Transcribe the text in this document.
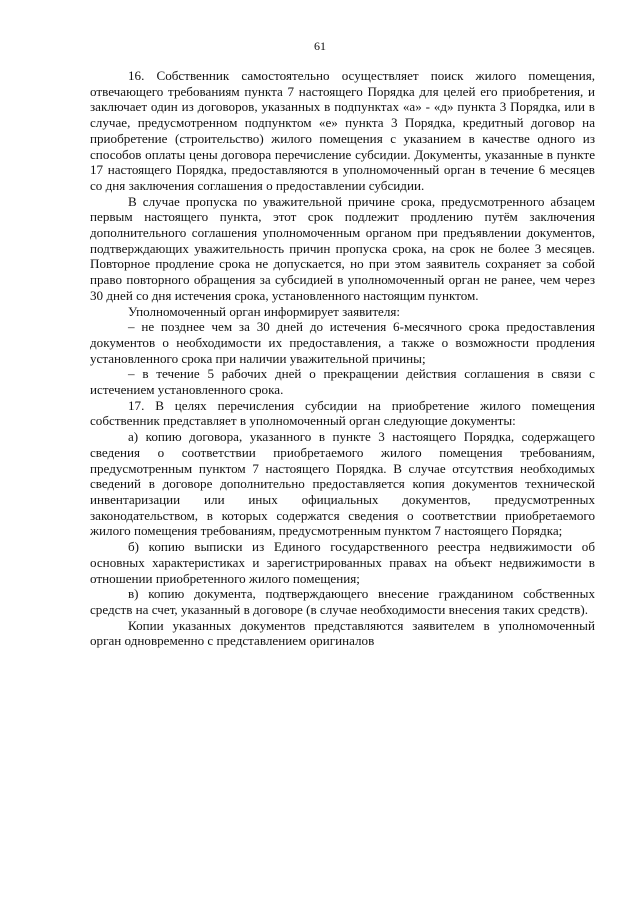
61

16. Собственник самостоятельно осуществляет поиск жилого помещения, отвечающего требованиям пункта 7 настоящего Порядка для целей его приобретения, и заключает один из договоров, указанных в подпунктах «а» - «д» пункта 3 Порядка, или в случае, предусмотренном подпунктом «е» пункта 3 Порядка, кредитный договор на приобретение (строительство) жилого помещения с указанием в качестве одного из способов оплаты цены договора перечисление субсидии. Документы, указанные в пункте 17 настоящего Порядка, предоставляются в уполномоченный орган в течение 6 месяцев со дня заключения соглашения о предоставлении субсидии.

В случае пропуска по уважительной причине срока, предусмотренного абзацем первым настоящего пункта, этот срок подлежит продлению путём заключения дополнительного соглашения уполномоченным органом при предъявлении документов, подтверждающих уважительность причин пропуска срока, на срок не более 3 месяцев. Повторное продление срока не допускается, но при этом заявитель сохраняет за собой право повторного обращения за субсидией в уполномоченный орган не ранее, чем через 30 дней со дня истечения срока, установленного настоящим пунктом.

Уполномоченный орган информирует заявителя:

– не позднее чем за 30 дней до истечения 6-месячного срока предоставления документов о необходимости их предоставления, а также о возможности продления установленного срока при наличии уважительной причины;

– в течение 5 рабочих дней о прекращении действия соглашения в связи с истечением установленного срока.

17. В целях перечисления субсидии на приобретение жилого помещения собственник представляет в уполномоченный орган следующие документы:

а) копию договора, указанного в пункте 3 настоящего Порядка, содержащего сведения о соответствии приобретаемого жилого помещения требованиям, предусмотренным пунктом 7 настоящего Порядка. В случае отсутствия необходимых сведений в договоре дополнительно предоставляется копия документов технической инвентаризации или иных официальных документов, предусмотренных законодательством, в которых содержатся сведения о соответствии приобретаемого жилого помещения требованиям, предусмотренным пунктом 7 настоящего Порядка;

б) копию выписки из Единого государственного реестра недвижимости об основных характеристиках и зарегистрированных правах на объект недвижимости в отношении приобретенного жилого помещения;

в) копию документа, подтверждающего внесение гражданином собственных средств на счет, указанный в договоре (в случае необходимости внесения таких средств).

Копии указанных документов представляются заявителем в уполномоченный орган одновременно с представлением оригиналов
